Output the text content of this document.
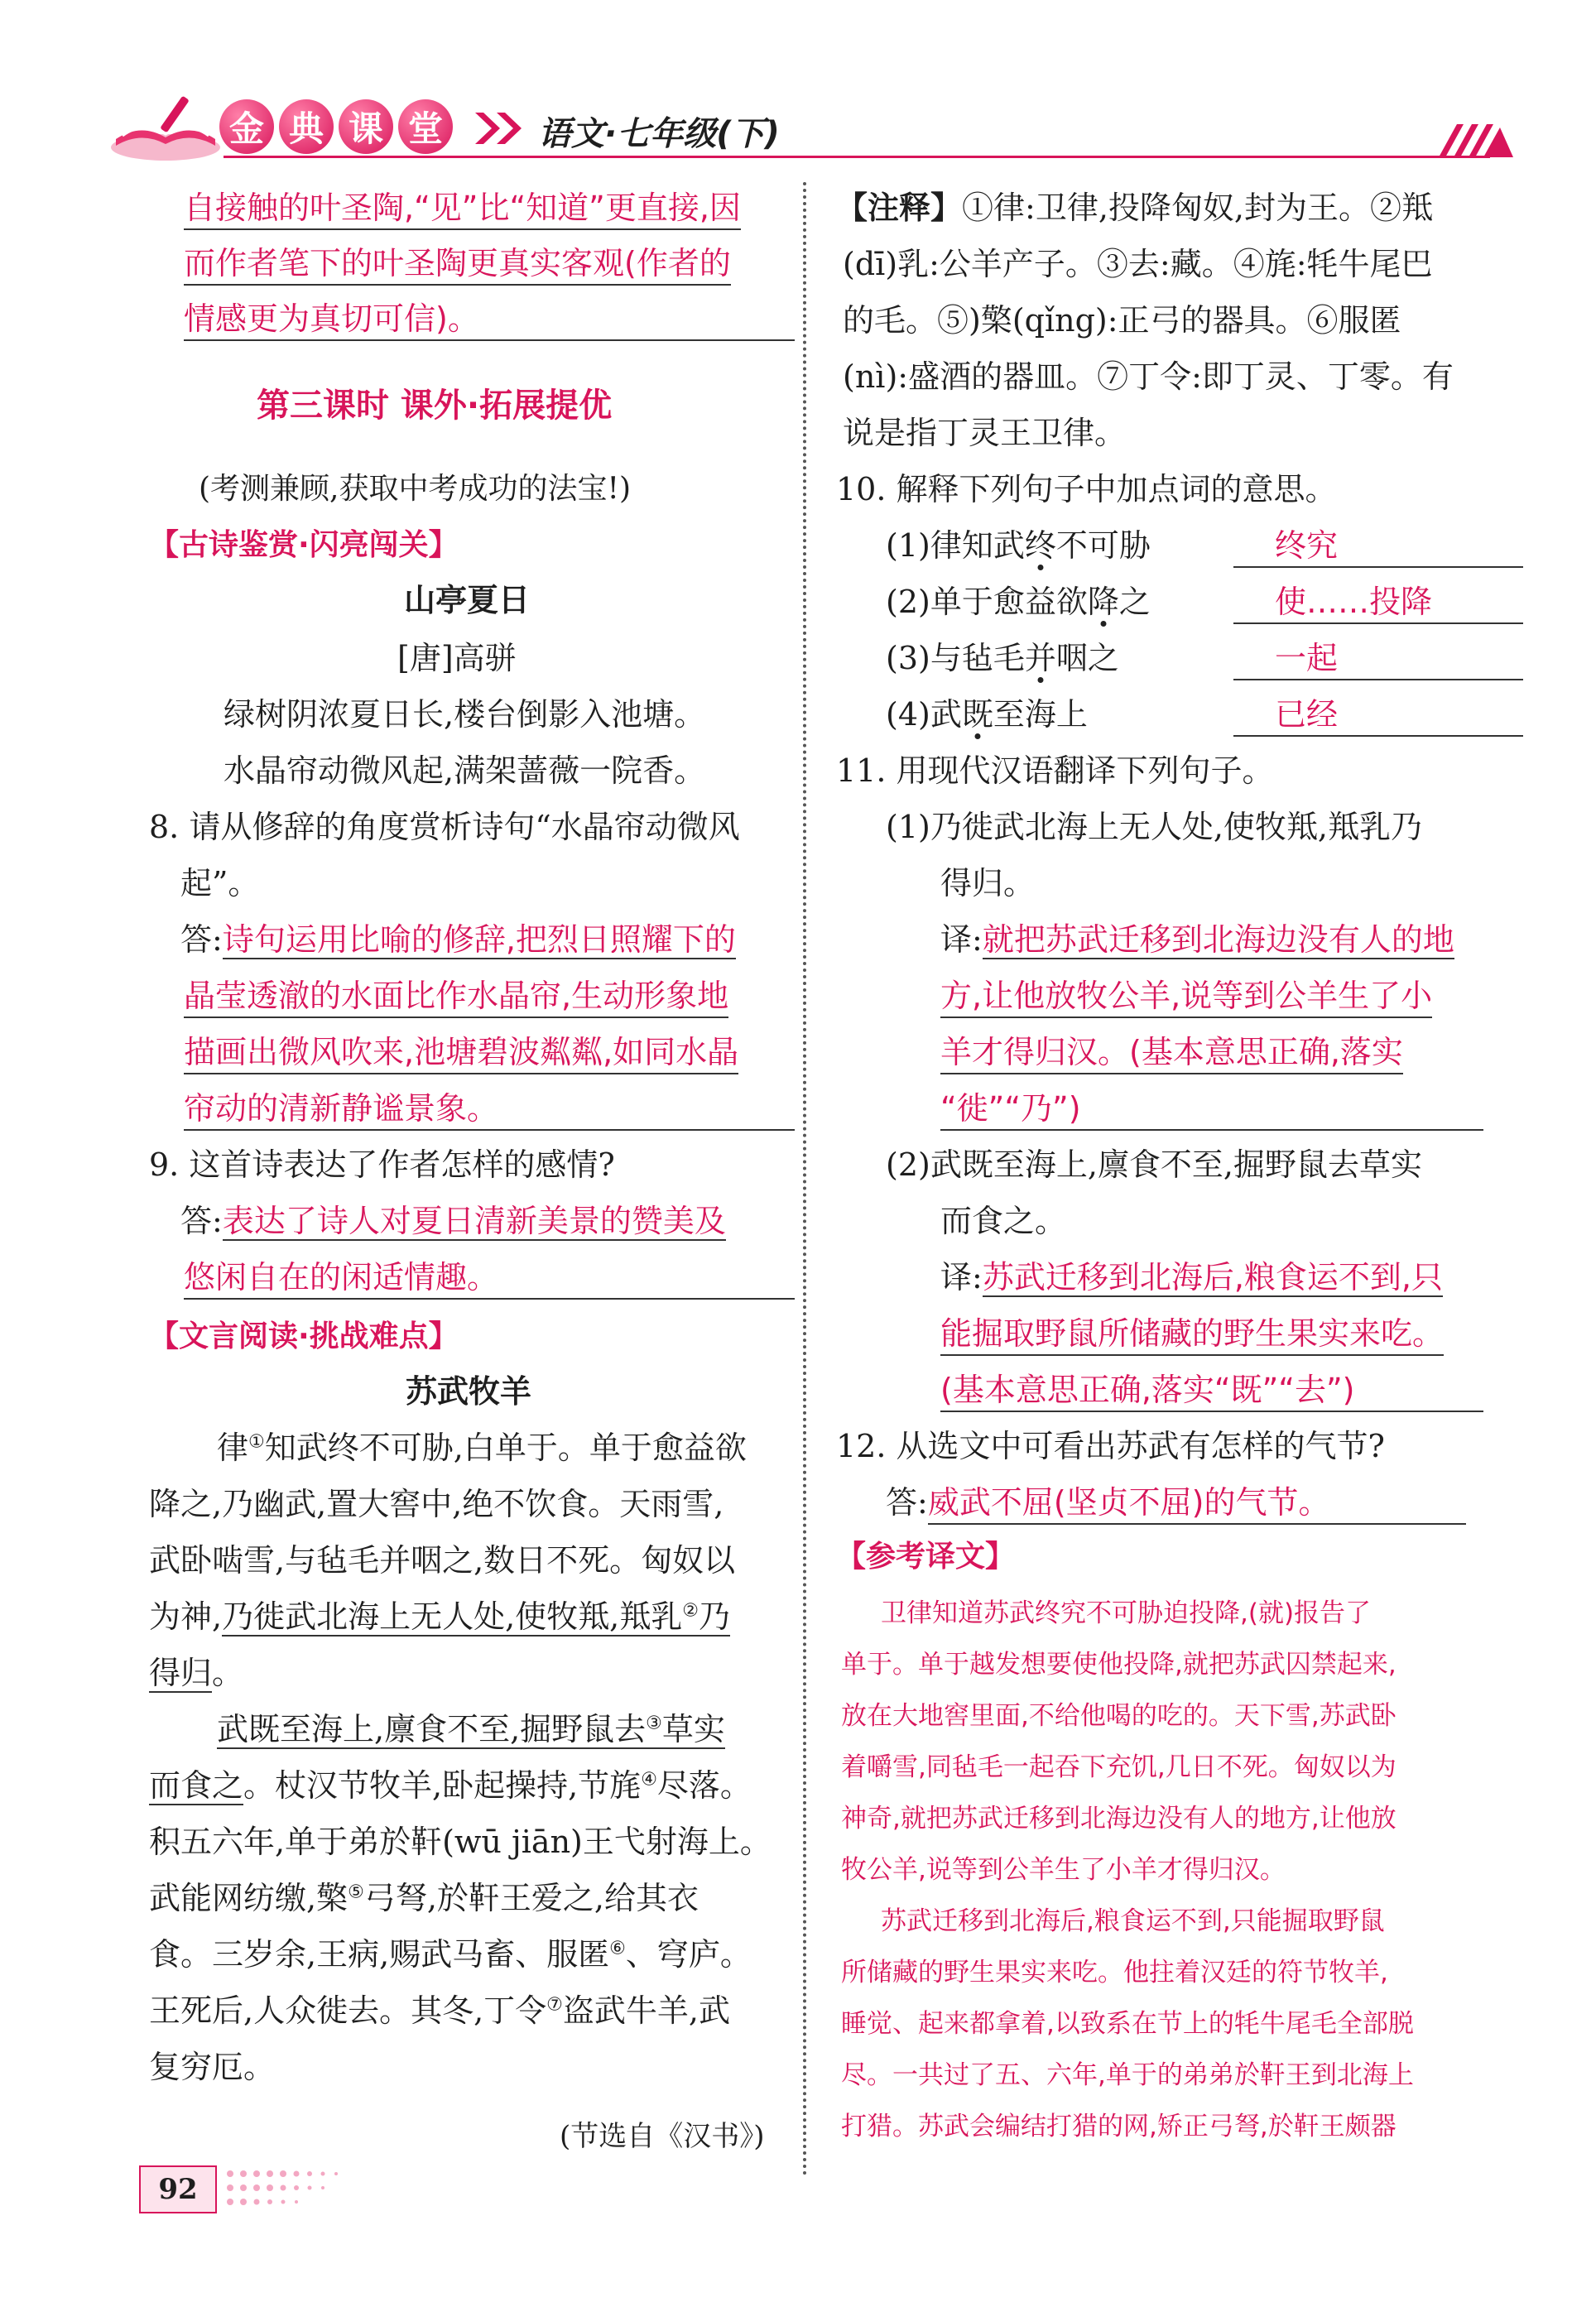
金 典 课 堂	语文·七年级(下)
自接触的叶圣陶,“见”比“知道”更直接,因
而作者笔下的叶圣陶更真实客观(作者的
情感更为真切可信)。
第三课时 课外·拓展提优
(考测兼顾,获取中考成功的法宝!)
【古诗鉴赏·闪亮闯关】
山亭夏日
[唐]高骈
绿树阴浓夏日长,楼台倒影入池塘。
水晶帘动微风起,满架蔷薇一院香。
8. 请从修辞的角度赏析诗句“水晶帘动微风
起”。
答:诗句运用比喻的修辞,把烈日照耀下的
晶莹透澈的水面比作水晶帘,生动形象地
描画出微风吹来,池塘碧波粼粼,如同水晶
帘动的清新静谧景象。
9. 这首诗表达了作者怎样的感情?
答:表达了诗人对夏日清新美景的赞美及
悠闲自在的闲适情趣。
【文言阅读·挑战难点】
苏武牧羊
律①知武终不可胁,白单于。单于愈益欲
降之,乃幽武,置大窖中,绝不饮食。天雨雪,
武卧啮雪,与毡毛并咽之,数日不死。匈奴以
为神,乃徙武北海上无人处,使牧羝,羝乳②乃
得归。
武既至海上,廪食不至,掘野鼠去③草实
而食之。杖汉节牧羊,卧起操持,节旄④尽落。
积五六年,单于弟於靬(wū jiān)王弋射海上。
武能网纺缴,檠⑤弓弩,於靬王爱之,给其衣
食。三岁余,王病,赐武马畜、服匿⑥、穹庐。
王死后,人众徙去。其冬,丁令⑦盗武牛羊,武
复穷厄。
(节选自《汉书》)
92
【注释】①律:卫律,投降匈奴,封为王。②羝
(dī)乳:公羊产子。③去:藏。④旄:牦牛尾巴
的毛。⑤)檠(qǐng):正弓的器具。⑥服匿
(nì):盛酒的器皿。⑦丁令:即丁灵、丁零。有
说是指丁灵王卫律。
10. 解释下列句子中加点词的意思。
(1)律知武终不可胁	终究
(2)单于愈益欲降之	使……投降
(3)与毡毛并咽之	一起
(4)武既至海上	已经
11. 用现代汉语翻译下列句子。
(1)乃徙武北海上无人处,使牧羝,羝乳乃
得归。
译:就把苏武迁移到北海边没有人的地
方,让他放牧公羊,说等到公羊生了小
羊才得归汉。(基本意思正确,落实
“徙”“乃”)
(2)武既至海上,廪食不至,掘野鼠去草实
而食之。
译:苏武迁移到北海后,粮食运不到,只
能掘取野鼠所储藏的野生果实来吃。
(基本意思正确,落实“既”“去”)
12. 从选文中可看出苏武有怎样的气节?
答:威武不屈(坚贞不屈)的气节。
【参考译文】
卫律知道苏武终究不可胁迫投降,(就)报告了
单于。单于越发想要使他投降,就把苏武囚禁起来,
放在大地窖里面,不给他喝的吃的。天下雪,苏武卧
着嚼雪,同毡毛一起吞下充饥,几日不死。匈奴以为
神奇,就把苏武迁移到北海边没有人的地方,让他放
牧公羊,说等到公羊生了小羊才得归汉。
苏武迁移到北海后,粮食运不到,只能掘取野鼠
所储藏的野生果实来吃。他拄着汉廷的符节牧羊,
睡觉、起来都拿着,以致系在节上的牦牛尾毛全部脱
尽。一共过了五、六年,单于的弟弟於靬王到北海上
打猎。苏武会编结打猎的网,矫正弓弩,於靬王颇器
